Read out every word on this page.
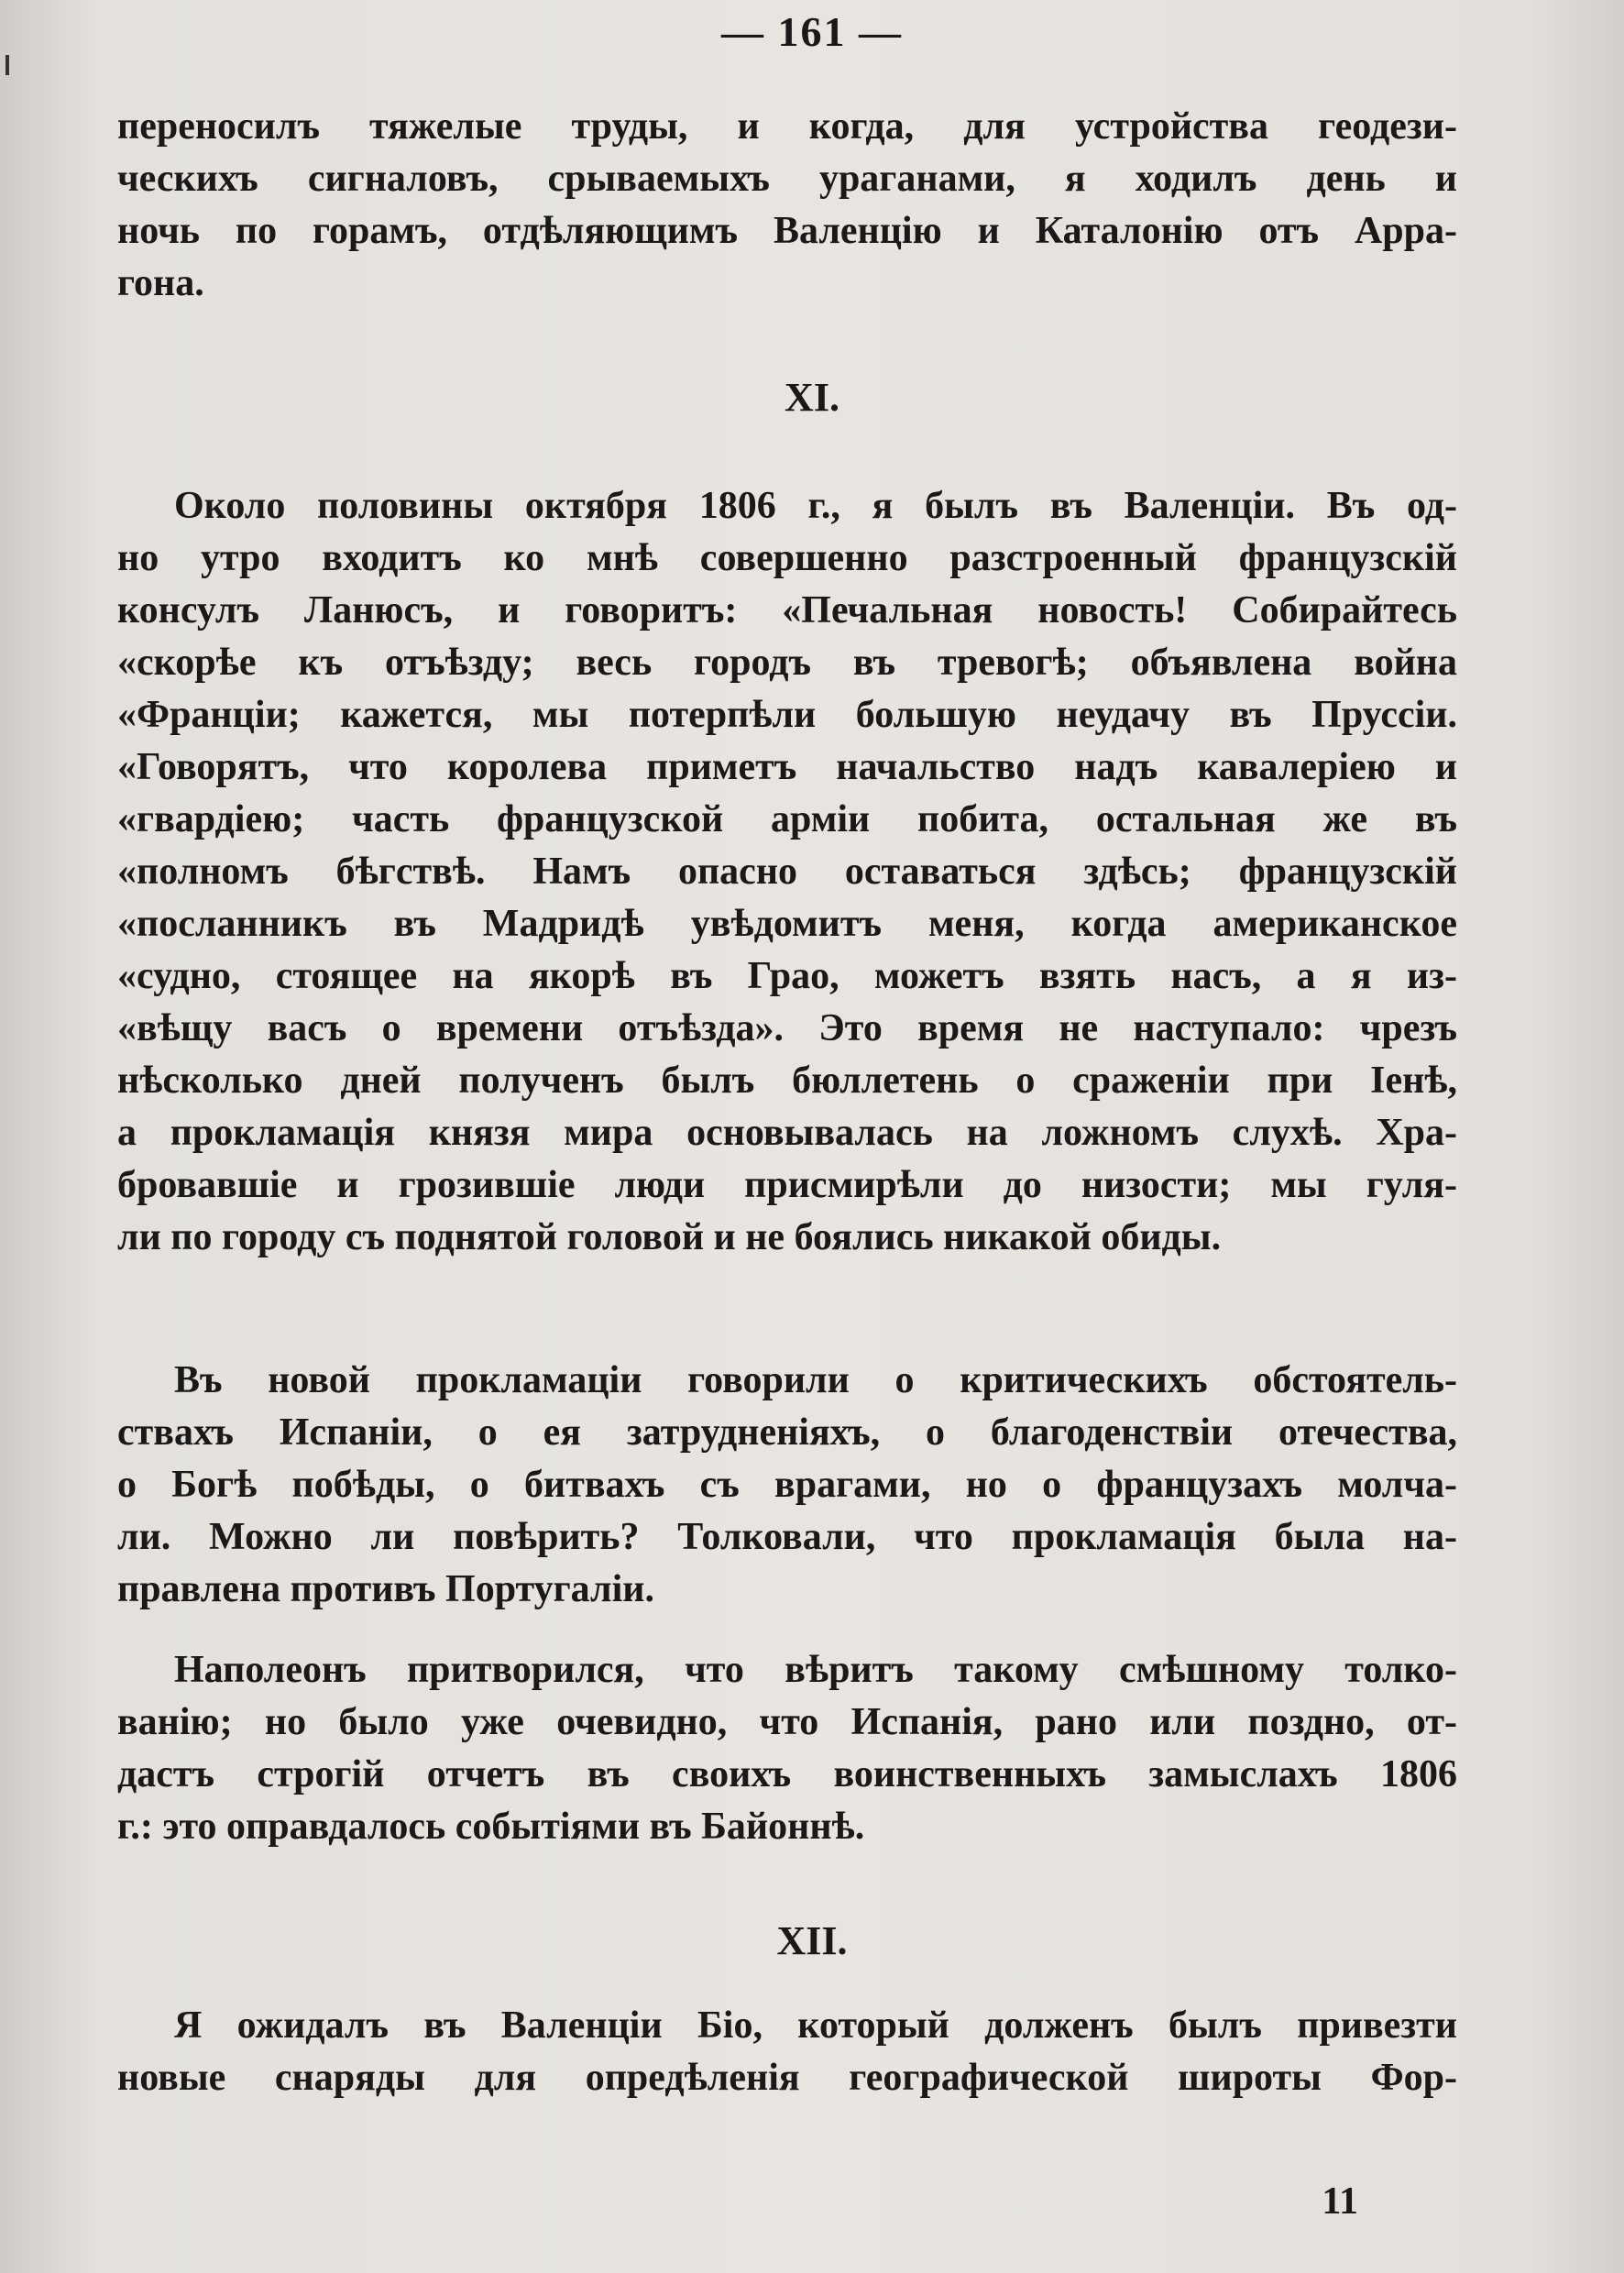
— 161 —
переносилъ тяжелые труды, и когда, для устройства геодези-
ческихъ сигналовъ, срываемыхъ ураганами, я ходилъ день и
ночь по горамъ, отдѣляющимъ Валенцію и Каталонію отъ Арра-
гона.
XI.
Около половины октября 1806 г., я былъ въ Валенціи. Въ од-
но утро входитъ ко мнѣ совершенно разстроенный французскій
консулъ Ланюсъ, и говоритъ: «Печальная новость! Собирайтесь
«скорѣе къ отъѣзду; весь городъ въ тревогѣ; объявлена война
«Франціи; кажется, мы потерпѣли большую неудачу въ Пруссіи.
«Говорятъ, что королева приметъ начальство надъ кавалеріею и
«гвардіею; часть французской арміи побита, остальная же въ
«полномъ бѣгствѣ. Намъ опасно оставаться здѣсь; французскій
«посланникъ въ Мадридѣ увѣдомитъ меня, когда американское
«судно, стоящее на якорѣ въ Грао, можетъ взять насъ, а я из-
«вѣщу васъ о времени отъѣзда». Это время не наступало: чрезъ
нѣсколько дней полученъ былъ бюллетень о сраженіи при Іенѣ,
а прокламація князя мира основывалась на ложномъ слухѣ. Хра-
бровавшіе и грозившіе люди присмирѣли до низости; мы гуля-
ли по городу съ поднятой головой и не боялись никакой обиды.
Въ новой прокламаціи говорили о критическихъ обстоятель-
ствахъ Испаніи, о ея затрудненіяхъ, о благоденствіи отечества,
о Богѣ побѣды, о битвахъ съ врагами, но о французахъ молча-
ли. Можно ли повѣрить? Толковали, что прокламація была на-
правлена противъ Португаліи.
Наполеонъ притворился, что вѣритъ такому смѣшному толко-
ванію; но было уже очевидно, что Испанія, рано или поздно, от-
дастъ строгій отчетъ въ своихъ воинственныхъ замыслахъ 1806
г.: это оправдалось событіями въ Байоннѣ.
XII.
Я ожидалъ въ Валенціи Біо, который долженъ былъ привезти
новые снаряды для опредѣленія географической широты Фор-
11
